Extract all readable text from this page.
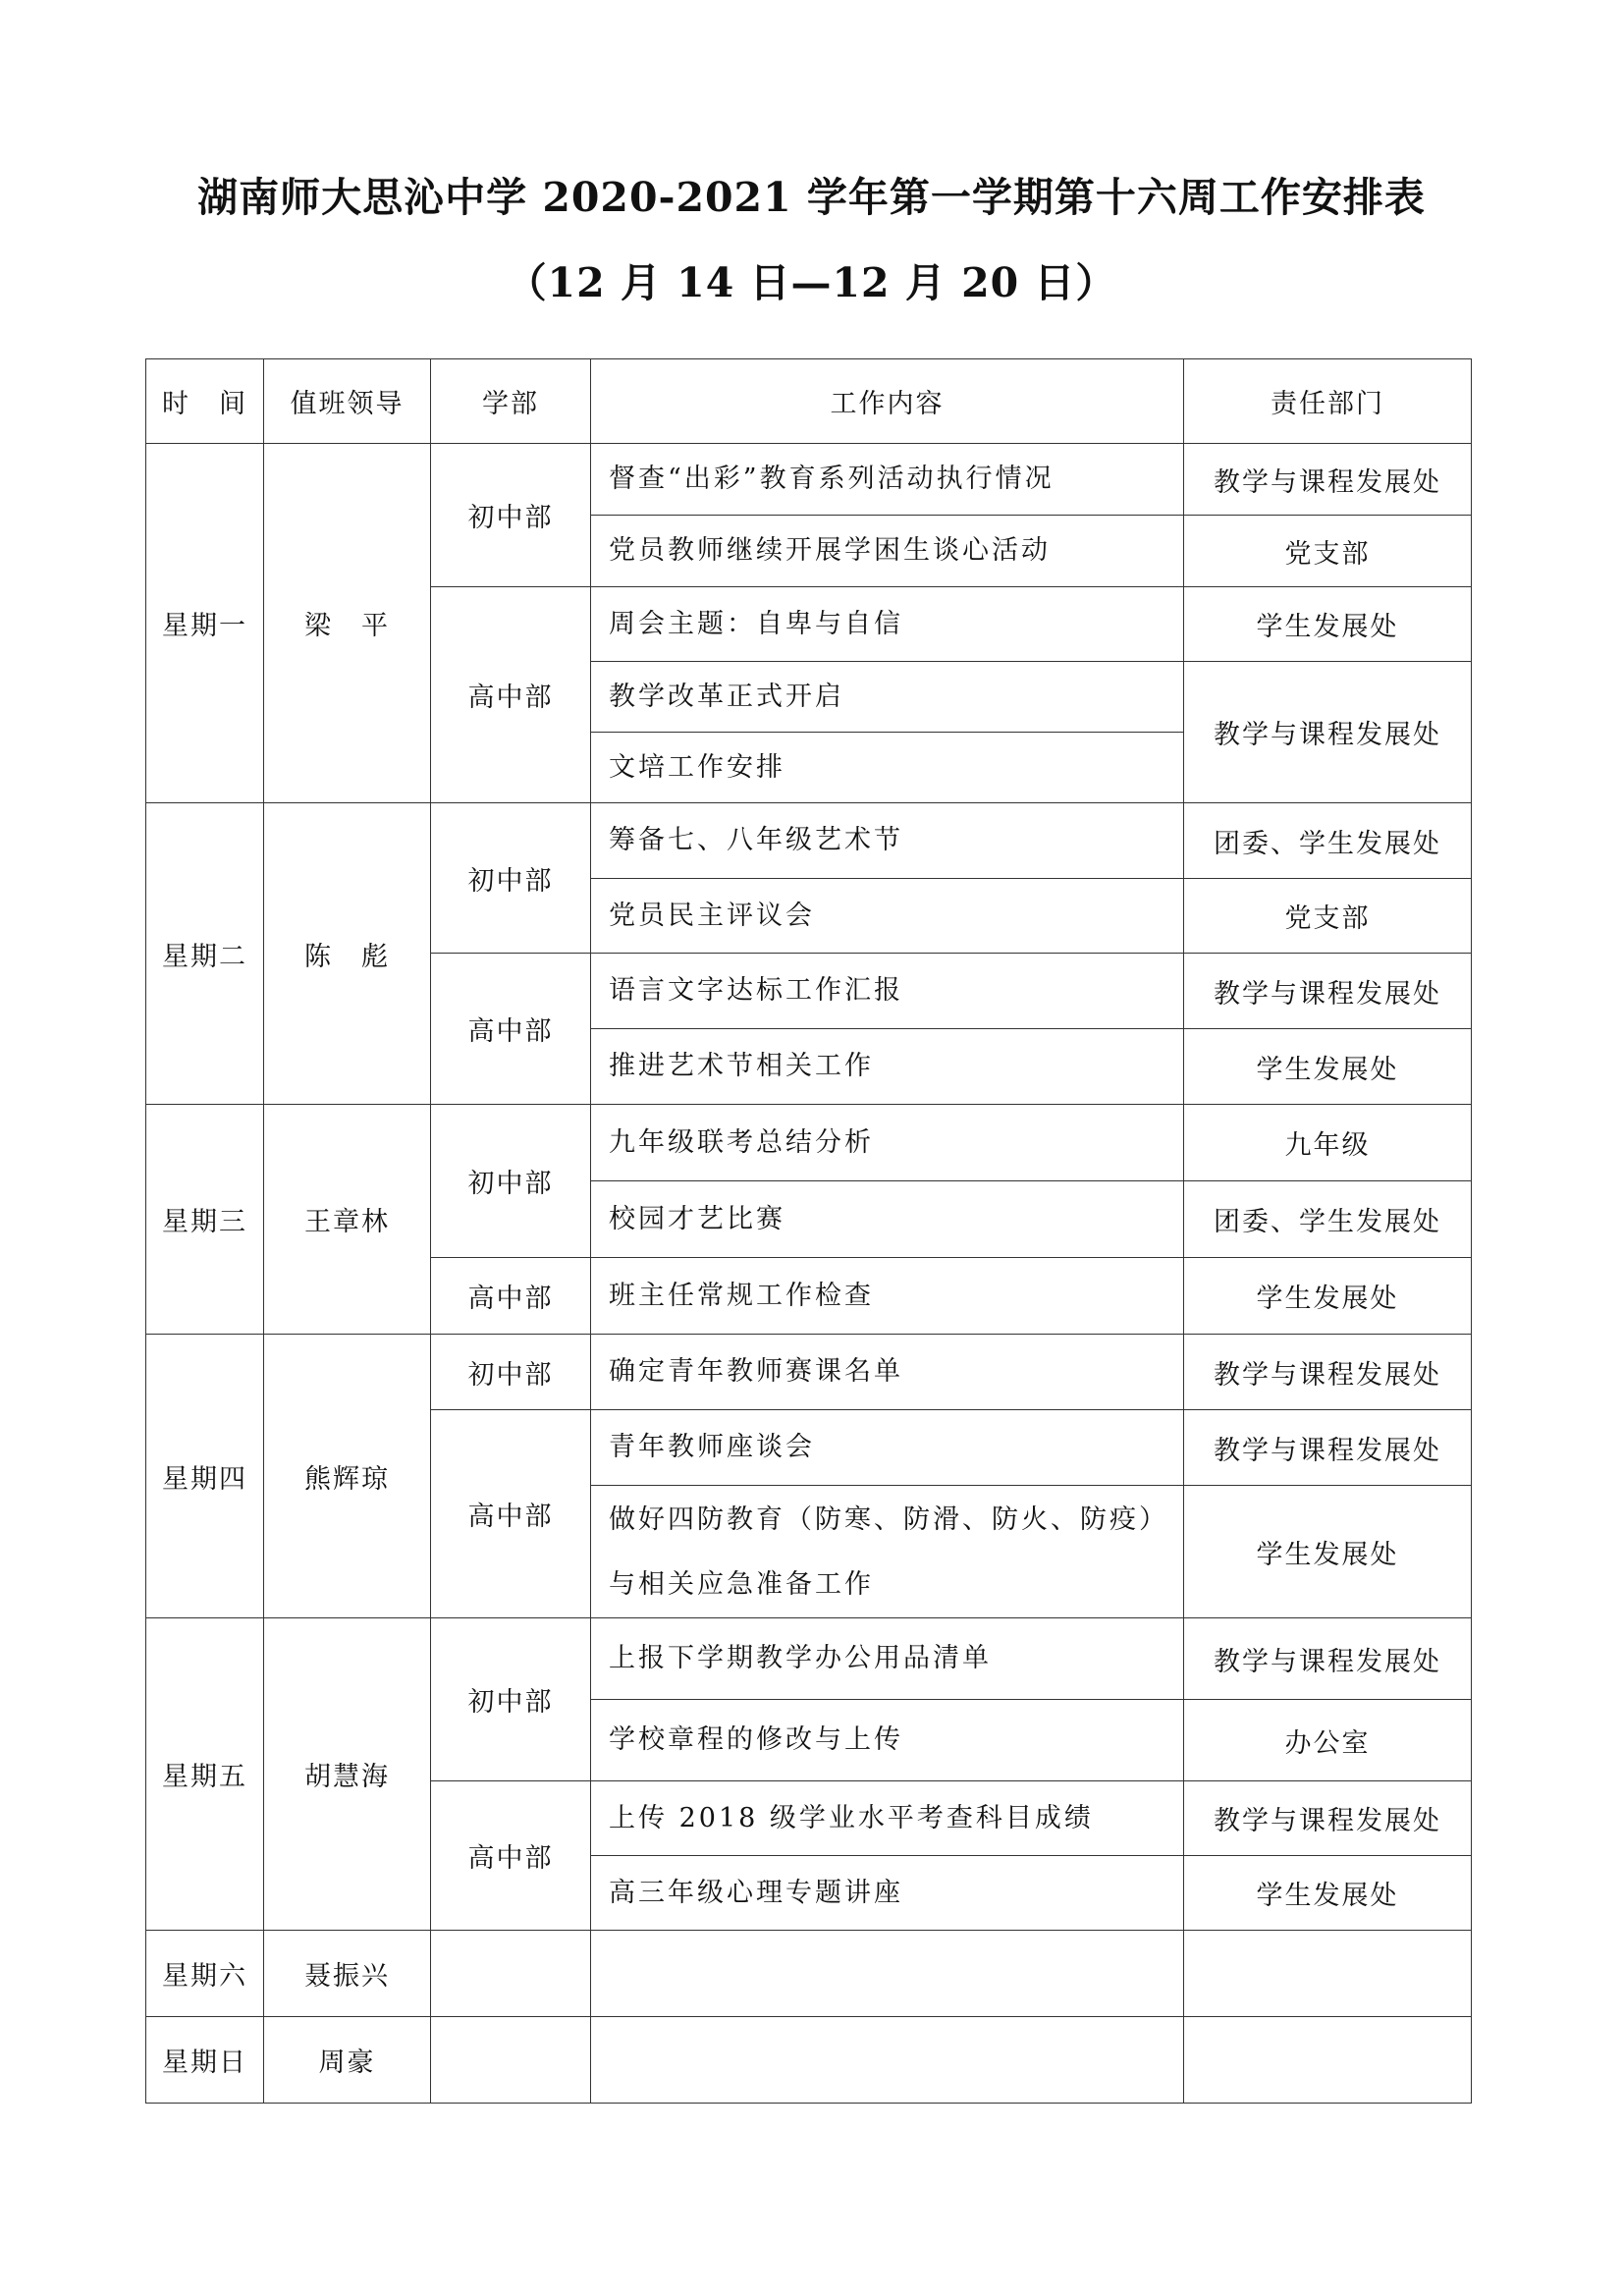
湖南师大思沁中学 2020-2021 学年第一学期第十六周工作安排表
（12 月 14 日—12 月 20 日）
时　间	值班领导	学部	工作内容	责任部门
星期一	梁　平	初中部	督查“出彩”教育系列活动执行情况	教学与课程发展处
			党员教师继续开展学困生谈心活动	党支部
		高中部	周会主题：自卑与自信	学生发展处
			教学改革正式开启	教学与课程发展处
			文培工作安排	
星期二	陈　彪	初中部	筹备七、八年级艺术节	团委、学生发展处
			党员民主评议会	党支部
		高中部	语言文字达标工作汇报	教学与课程发展处
			推进艺术节相关工作	学生发展处
星期三	王章林	初中部	九年级联考总结分析	九年级
			校园才艺比赛	团委、学生发展处
		高中部	班主任常规工作检查	学生发展处
星期四	熊辉琼	初中部	确定青年教师赛课名单	教学与课程发展处
		高中部	青年教师座谈会	教学与课程发展处
			做好四防教育（防寒、防滑、防火、防疫）与相关应急准备工作	学生发展处
星期五	胡慧海	初中部	上报下学期教学办公用品清单	教学与课程发展处
			学校章程的修改与上传	办公室
		高中部	上传 2018 级学业水平考查科目成绩	教学与课程发展处
			高三年级心理专题讲座	学生发展处
星期六	聂振兴			
星期日	周豪			
